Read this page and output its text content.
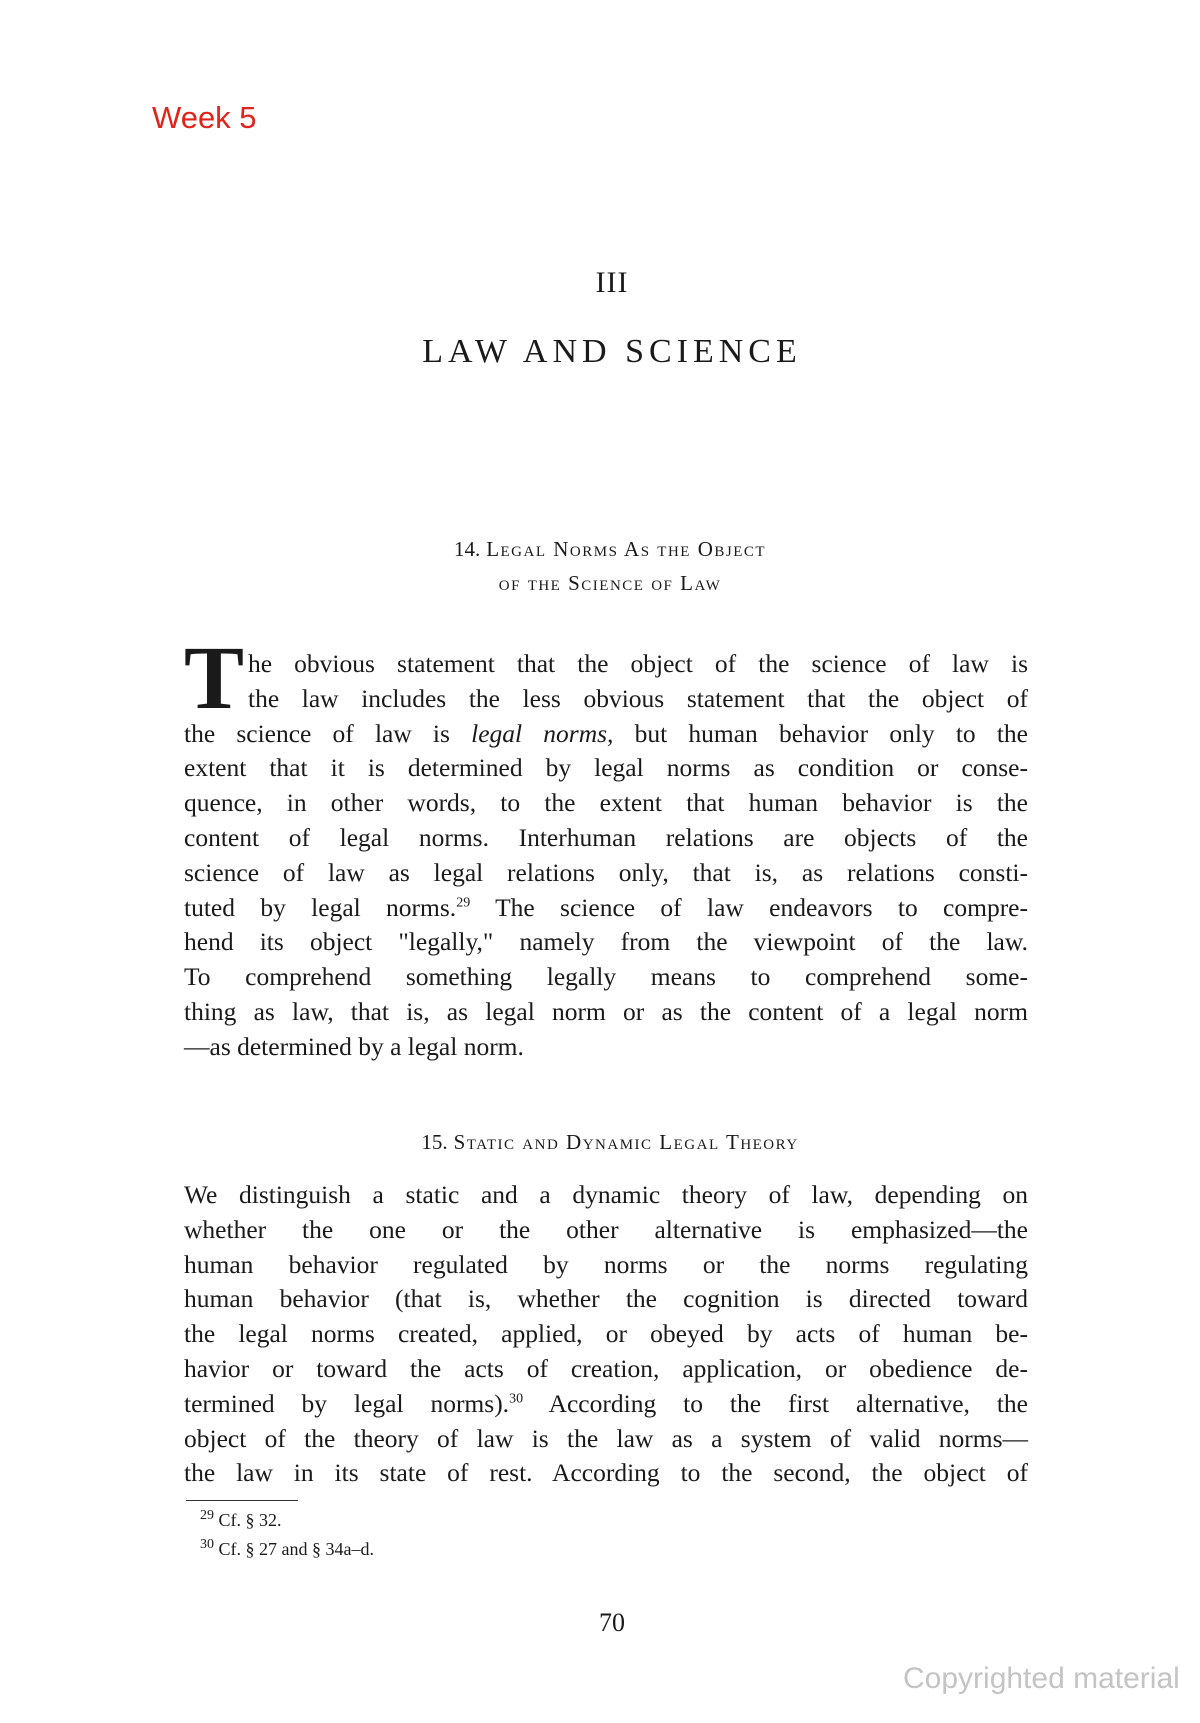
Week 5
III
LAW AND SCIENCE
14. Legal Norms As the Object
of the Science of Law
T he obvious statement that the object of the science of law is
the law includes the less obvious statement that the object of
the science of law is legal norms, but human behavior only to the
extent that it is determined by legal norms as condition or conse-
quence, in other words, to the extent that human behavior is the
content of legal norms. Interhuman relations are objects of the
science of law as legal relations only, that is, as relations consti-
tuted by legal norms.$^{29}$ The science of law endeavors to compre-
hend its object "legally," namely from the viewpoint of the law.
To comprehend something legally means to comprehend some-
thing as law, that is, as legal norm or as the content of a legal norm
—as determined by a legal norm.
15. Static and Dynamic Legal Theory
We distinguish a static and a dynamic theory of law, depending on
whether the one or the other alternative is emphasized—the
human behavior regulated by norms or the norms regulating
human behavior (that is, whether the cognition is directed toward
the legal norms created, applied, or obeyed by acts of human be-
havior or toward the acts of creation, application, or obedience de-
termined by legal norms).$^{30}$ According to the first alternative, the
object of the theory of law is the law as a system of valid norms—
the law in its state of rest. According to the second, the object of
$^{29}$ Cf. § 32.
$^{30}$ Cf. § 27 and § 34a–d.
70
Copyrighted material
